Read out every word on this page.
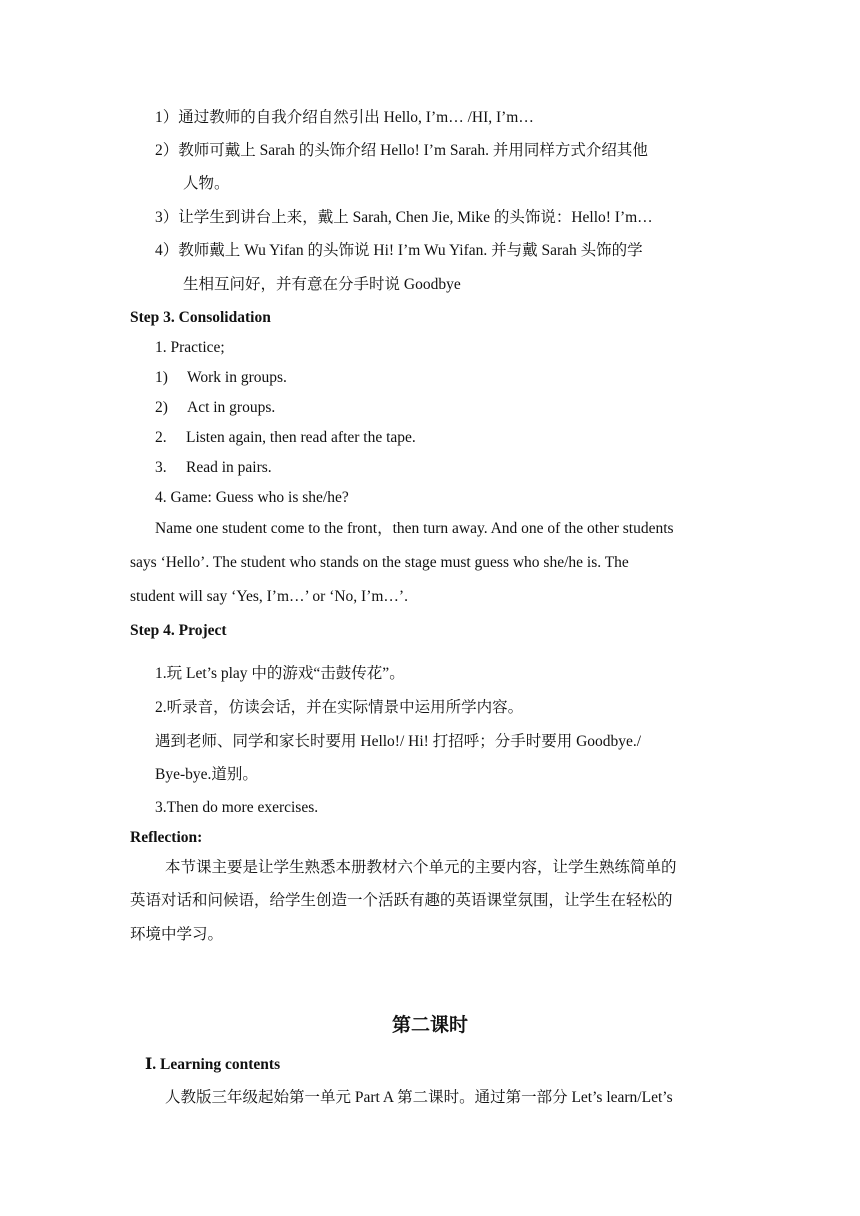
1）通过教师的自我介绍自然引出 Hello, I’m… /HI, I’m…
2）教师可戴上 Sarah 的头饰介绍 Hello! I’m Sarah. 并用同样方式介绍其他
人物。
3）让学生到讲台上来，戴上 Sarah, Chen Jie, Mike 的头饰说：Hello! I’m…
4）教师戴上 Wu Yifan 的头饰说 Hi! I’m Wu Yifan. 并与戴 Sarah 头饰的学
生相互问好，并有意在分手时说 Goodbye
Step 3. Consolidation
1. Practice;
1) Work in groups.
2) Act in groups.
2. Listen again, then read after the tape.
3. Read in pairs.
4. Game: Guess who is she/he?
Name one student come to the front，then turn away. And one of the other students
says ‘Hello’. The student who stands on the stage must guess who she/he is. The
student will say ‘Yes, I’m…’ or ‘No, I’m…’.
Step 4. Project
1.玩 Let’s play 中的游戏“击鼓传花”。
2.听录音，仿读会话，并在实际情景中运用所学内容。
遇到老师、同学和家长时要用 Hello!/ Hi! 打招呼；分手时要用 Goodbye./
Bye-bye.道别。
3.Then do more exercises.
Reflection:
本节课主要是让学生熟悉本册教材六个单元的主要内容，让学生熟练简单的
英语对话和问候语，给学生创造一个活跃有趣的英语课堂氛围，让学生在轻松的
环境中学习。
第二课时
Ⅰ. Learning contents
人教版三年级起始第一单元 Part A 第二课时。通过第一部分 Let’s learn/Let’s
